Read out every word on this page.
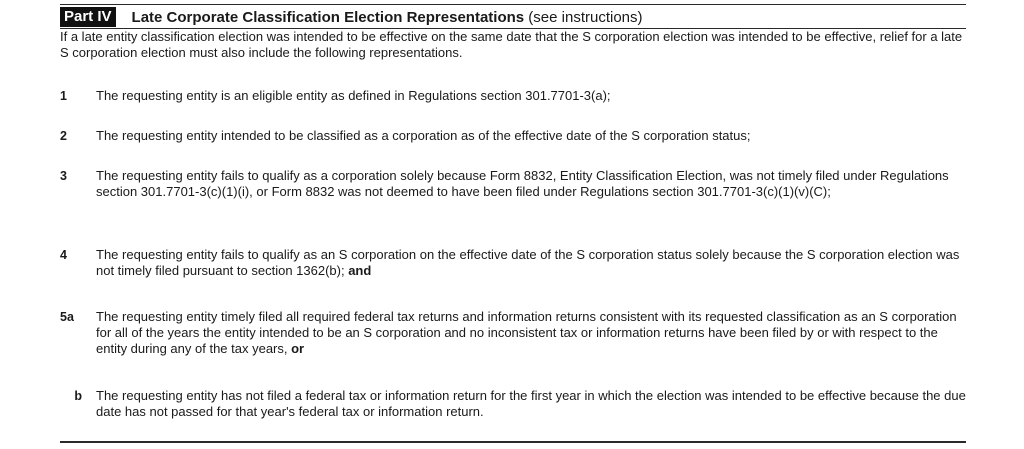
Part IV Late Corporate Classification Election Representations (see instructions)
If a late entity classification election was intended to be effective on the same date that the S corporation election was intended to be effective, relief for a late S corporation election must also include the following representations.
1	The requesting entity is an eligible entity as defined in Regulations section 301.7701-3(a);
2	The requesting entity intended to be classified as a corporation as of the effective date of the S corporation status;
3	The requesting entity fails to qualify as a corporation solely because Form 8832, Entity Classification Election, was not timely filed under Regulations section 301.7701-3(c)(1)(i), or Form 8832 was not deemed to have been filed under Regulations section 301.7701-3(c)(1)(v)(C);
4	The requesting entity fails to qualify as an S corporation on the effective date of the S corporation status solely because the S corporation election was not timely filed pursuant to section 1362(b); and
5a	The requesting entity timely filed all required federal tax returns and information returns consistent with its requested classification as an S corporation for all of the years the entity intended to be an S corporation and no inconsistent tax or information returns have been filed by or with respect to the entity during any of the tax years, or
b	The requesting entity has not filed a federal tax or information return for the first year in which the election was intended to be effective because the due date has not passed for that year's federal tax or information return.
